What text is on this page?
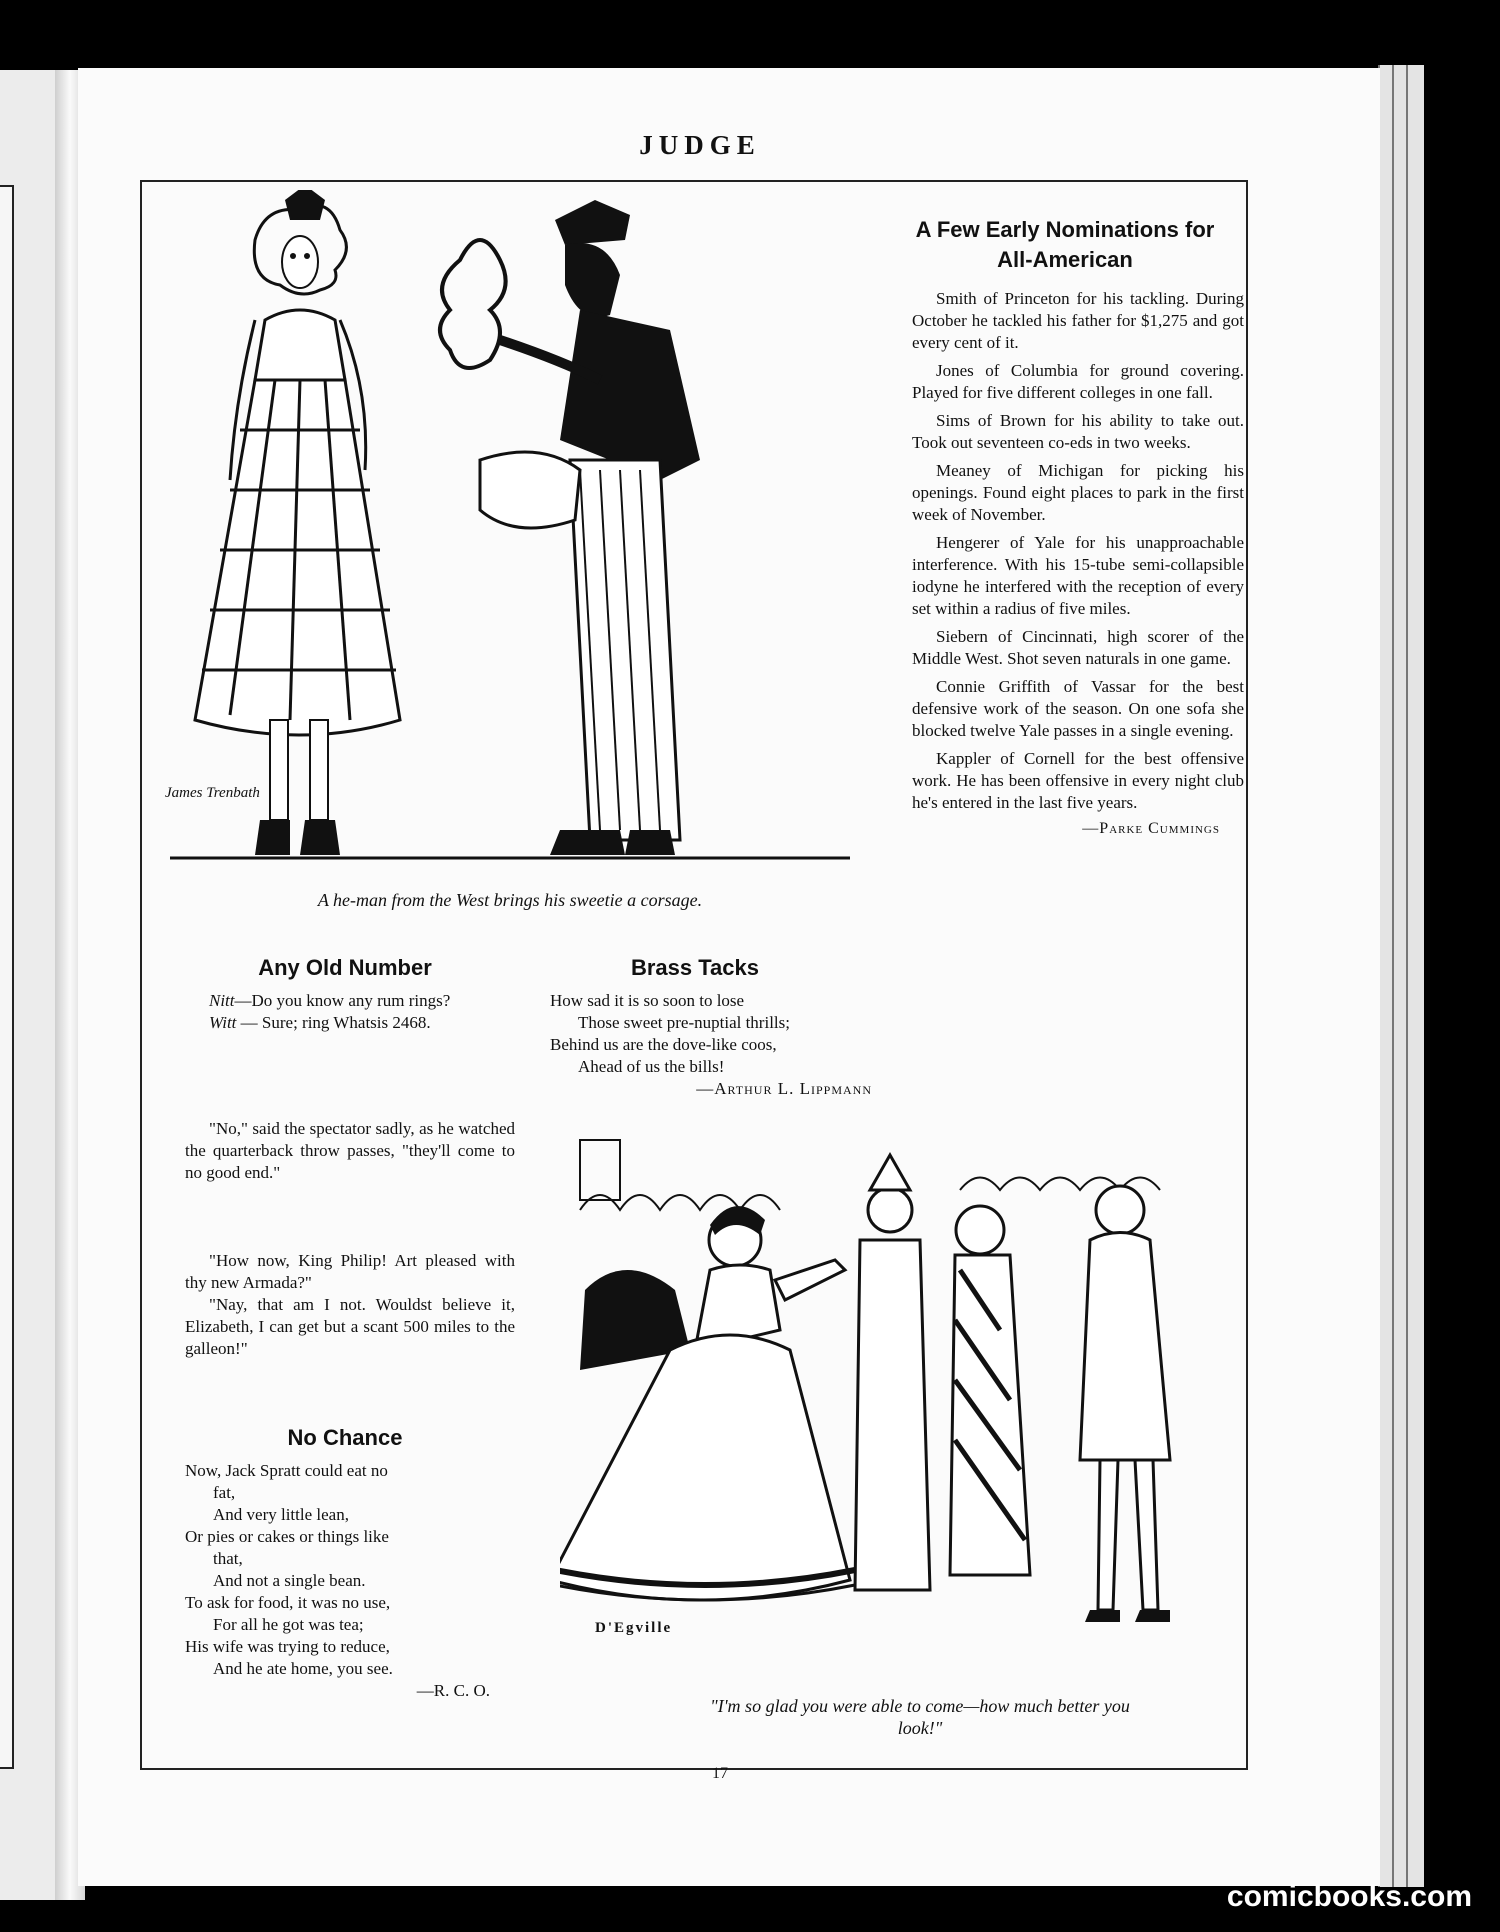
JUDGE
James Trenbath
A he-man from the West brings his sweetie a corsage.
A Few Early Nominations for
All-American

Smith of Princeton for his tackling. During October he tackled his father for $1,275 and got every cent of it.

Jones of Columbia for ground covering. Played for five different colleges in one fall.

Sims of Brown for his ability to take out. Took out seventeen co-eds in two weeks.

Meaney of Michigan for picking his openings. Found eight places to park in the first week of November.

Hengerer of Yale for his unapproachable interference. With his 15-tube semi-collapsible iodyne he interfered with the reception of every set within a radius of five miles.

Siebern of Cincinnati, high scorer of the Middle West. Shot seven naturals in one game.

Connie Griffith of Vassar for the best defensive work of the season. On one sofa she blocked twelve Yale passes in a single evening.

Kappler of Cornell for the best offensive work. He has been offensive in every night club he's entered in the last five years.

—Parke Cummings
Any Old Number
Nitt—Do you know any rum rings?
Witt — Sure; ring Whatsis 2468.
Brass Tacks
How sad it is so soon to lose
Those sweet pre-nuptial thrills;
Behind us are the dove-like coos,
Ahead of us the bills!
—Arthur L. Lippmann
"No," said the spectator sadly, as he watched the quarterback throw passes, "they'll come to no good end."
"How now, King Philip! Art pleased with thy new Armada?"
"Nay, that am I not. Wouldst believe it, Elizabeth, I can get but a scant 500 miles to the galleon!"
No Chance
Now, Jack Spratt could eat no
fat,
And very little lean,
Or pies or cakes or things like
that,
And not a single bean.
To ask for food, it was no use,
For all he got was tea;
His wife was trying to reduce,
And he ate home, you see.
—R. C. O.
D'Egville
"I'm so glad you were able to come—how much better you
look!"
17
comicbooks.com
